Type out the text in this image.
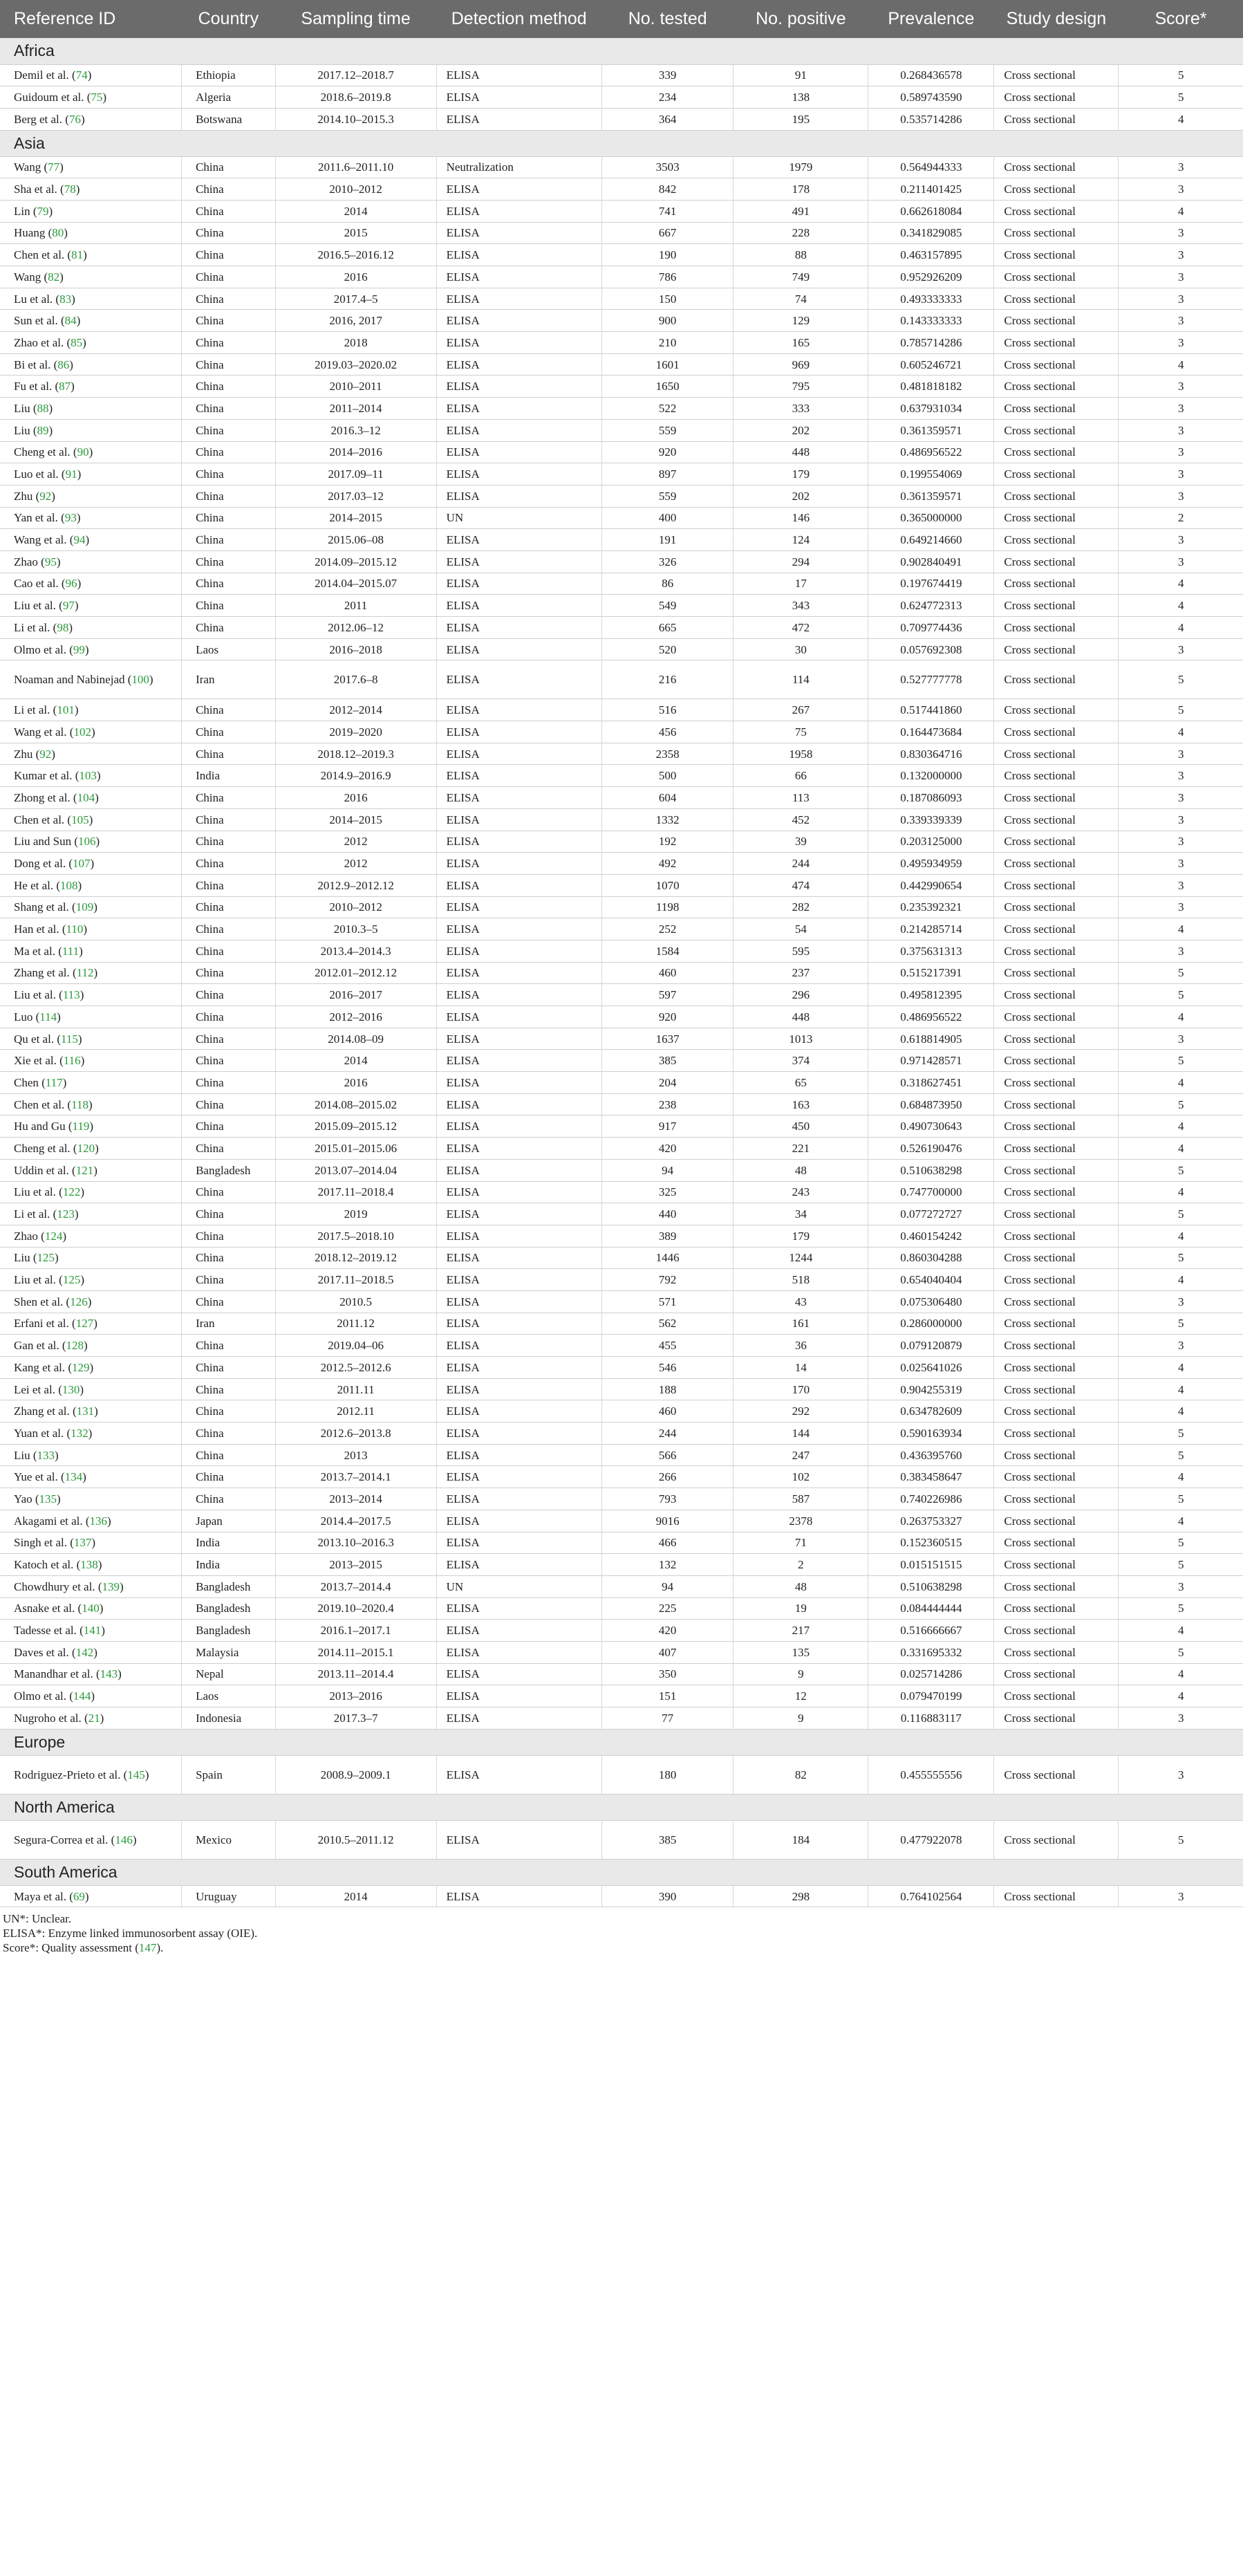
Reference ID	Country	Sampling time	Detection method	No. tested	No. positive	Prevalence	Study design	Score*
Africa								
Demil et al. (74)	Ethiopia	2017.12–2018.7	ELISA	339	91	0.268436578	Cross sectional	5
Guidoum et al. (75)	Algeria	2018.6–2019.8	ELISA	234	138	0.589743590	Cross sectional	5
Berg et al. (76)	Botswana	2014.10–2015.3	ELISA	364	195	0.535714286	Cross sectional	4
Asia								
Wang (77)	China	2011.6–2011.10	Neutralization	3503	1979	0.564944333	Cross sectional	3
Sha et al. (78)	China	2010–2012	ELISA	842	178	0.211401425	Cross sectional	3
Lin (79)	China	2014	ELISA	741	491	0.662618084	Cross sectional	4
Huang (80)	China	2015	ELISA	667	228	0.341829085	Cross sectional	3
Chen et al. (81)	China	2016.5–2016.12	ELISA	190	88	0.463157895	Cross sectional	3
Wang (82)	China	2016	ELISA	786	749	0.952926209	Cross sectional	3
Lu et al. (83)	China	2017.4–5	ELISA	150	74	0.493333333	Cross sectional	3
Sun et al. (84)	China	2016, 2017	ELISA	900	129	0.143333333	Cross sectional	3
Zhao et al. (85)	China	2018	ELISA	210	165	0.785714286	Cross sectional	3
Bi et al. (86)	China	2019.03–2020.02	ELISA	1601	969	0.605246721	Cross sectional	4
Fu et al. (87)	China	2010–2011	ELISA	1650	795	0.481818182	Cross sectional	3
Liu (88)	China	2011–2014	ELISA	522	333	0.637931034	Cross sectional	3
Liu (89)	China	2016.3–12	ELISA	559	202	0.361359571	Cross sectional	3
Cheng et al. (90)	China	2014–2016	ELISA	920	448	0.486956522	Cross sectional	3
Luo et al. (91)	China	2017.09–11	ELISA	897	179	0.199554069	Cross sectional	3
Zhu (92)	China	2017.03–12	ELISA	559	202	0.361359571	Cross sectional	3
Yan et al. (93)	China	2014–2015	UN	400	146	0.365000000	Cross sectional	2
Wang et al. (94)	China	2015.06–08	ELISA	191	124	0.649214660	Cross sectional	3
Zhao (95)	China	2014.09–2015.12	ELISA	326	294	0.902840491	Cross sectional	3
Cao et al. (96)	China	2014.04–2015.07	ELISA	86	17	0.197674419	Cross sectional	4
Liu et al. (97)	China	2011	ELISA	549	343	0.624772313	Cross sectional	4
Li et al. (98)	China	2012.06–12	ELISA	665	472	0.709774436	Cross sectional	4
Olmo et al. (99)	Laos	2016–2018	ELISA	520	30	0.057692308	Cross sectional	3
Noaman and Nabinejad (100)	Iran	2017.6–8	ELISA	216	114	0.527777778	Cross sectional	5
Li et al. (101)	China	2012–2014	ELISA	516	267	0.517441860	Cross sectional	5
Wang et al. (102)	China	2019–2020	ELISA	456	75	0.164473684	Cross sectional	4
Zhu (92)	China	2018.12–2019.3	ELISA	2358	1958	0.830364716	Cross sectional	3
Kumar et al. (103)	India	2014.9–2016.9	ELISA	500	66	0.132000000	Cross sectional	3
Zhong et al. (104)	China	2016	ELISA	604	113	0.187086093	Cross sectional	3
Chen et al. (105)	China	2014–2015	ELISA	1332	452	0.339339339	Cross sectional	3
Liu and Sun (106)	China	2012	ELISA	192	39	0.203125000	Cross sectional	3
Dong et al. (107)	China	2012	ELISA	492	244	0.495934959	Cross sectional	3
He et al. (108)	China	2012.9–2012.12	ELISA	1070	474	0.442990654	Cross sectional	3
Shang et al. (109)	China	2010–2012	ELISA	1198	282	0.235392321	Cross sectional	3
Han et al. (110)	China	2010.3–5	ELISA	252	54	0.214285714	Cross sectional	4
Ma et al. (111)	China	2013.4–2014.3	ELISA	1584	595	0.375631313	Cross sectional	3
Zhang et al. (112)	China	2012.01–2012.12	ELISA	460	237	0.515217391	Cross sectional	5
Liu et al. (113)	China	2016–2017	ELISA	597	296	0.495812395	Cross sectional	5
Luo (114)	China	2012–2016	ELISA	920	448	0.486956522	Cross sectional	4
Qu et al. (115)	China	2014.08–09	ELISA	1637	1013	0.618814905	Cross sectional	3
Xie et al. (116)	China	2014	ELISA	385	374	0.971428571	Cross sectional	5
Chen (117)	China	2016	ELISA	204	65	0.318627451	Cross sectional	4
Chen et al. (118)	China	2014.08–2015.02	ELISA	238	163	0.684873950	Cross sectional	5
Hu and Gu (119)	China	2015.09–2015.12	ELISA	917	450	0.490730643	Cross sectional	4
Cheng et al. (120)	China	2015.01–2015.06	ELISA	420	221	0.526190476	Cross sectional	4
Uddin et al. (121)	Bangladesh	2013.07–2014.04	ELISA	94	48	0.510638298	Cross sectional	5
Liu et al. (122)	China	2017.11–2018.4	ELISA	325	243	0.747700000	Cross sectional	4
Li et al. (123)	China	2019	ELISA	440	34	0.077272727	Cross sectional	5
Zhao (124)	China	2017.5–2018.10	ELISA	389	179	0.460154242	Cross sectional	4
Liu (125)	China	2018.12–2019.12	ELISA	1446	1244	0.860304288	Cross sectional	5
Liu et al. (125)	China	2017.11–2018.5	ELISA	792	518	0.654040404	Cross sectional	4
Shen et al. (126)	China	2010.5	ELISA	571	43	0.075306480	Cross sectional	3
Erfani et al. (127)	Iran	2011.12	ELISA	562	161	0.286000000	Cross sectional	5
Gan et al. (128)	China	2019.04–06	ELISA	455	36	0.079120879	Cross sectional	3
Kang et al. (129)	China	2012.5–2012.6	ELISA	546	14	0.025641026	Cross sectional	4
Lei et al. (130)	China	2011.11	ELISA	188	170	0.904255319	Cross sectional	4
Zhang et al. (131)	China	2012.11	ELISA	460	292	0.634782609	Cross sectional	4
Yuan et al. (132)	China	2012.6–2013.8	ELISA	244	144	0.590163934	Cross sectional	5
Liu (133)	China	2013	ELISA	566	247	0.436395760	Cross sectional	5
Yue et al. (134)	China	2013.7–2014.1	ELISA	266	102	0.383458647	Cross sectional	4
Yao (135)	China	2013–2014	ELISA	793	587	0.740226986	Cross sectional	5
Akagami et al. (136)	Japan	2014.4–2017.5	ELISA	9016	2378	0.263753327	Cross sectional	4
Singh et al. (137)	India	2013.10–2016.3	ELISA	466	71	0.152360515	Cross sectional	5
Katoch et al. (138)	India	2013–2015	ELISA	132	2	0.015151515	Cross sectional	5
Chowdhury et al. (139)	Bangladesh	2013.7–2014.4	UN	94	48	0.510638298	Cross sectional	3
Asnake et al. (140)	Bangladesh	2019.10–2020.4	ELISA	225	19	0.084444444	Cross sectional	5
Tadesse et al. (141)	Bangladesh	2016.1–2017.1	ELISA	420	217	0.516666667	Cross sectional	4
Daves et al. (142)	Malaysia	2014.11–2015.1	ELISA	407	135	0.331695332	Cross sectional	5
Manandhar et al. (143)	Nepal	2013.11–2014.4	ELISA	350	9	0.025714286	Cross sectional	4
Olmo et al. (144)	Laos	2013–2016	ELISA	151	12	0.079470199	Cross sectional	4
Nugroho et al. (21)	Indonesia	2017.3–7	ELISA	77	9	0.116883117	Cross sectional	3
Europe								
Rodriguez-Prieto et al. (145)	Spain	2008.9–2009.1	ELISA	180	82	0.455555556	Cross sectional	3
North America								
Segura-Correa et al. (146)	Mexico	2010.5–2011.12	ELISA	385	184	0.477922078	Cross sectional	5
South America								
Maya et al. (69)	Uruguay	2014	ELISA	390	298	0.764102564	Cross sectional	3
UN*: Unclear.
ELISA*: Enzyme linked immunosorbent assay (OIE).
Score*: Quality assessment (147).
